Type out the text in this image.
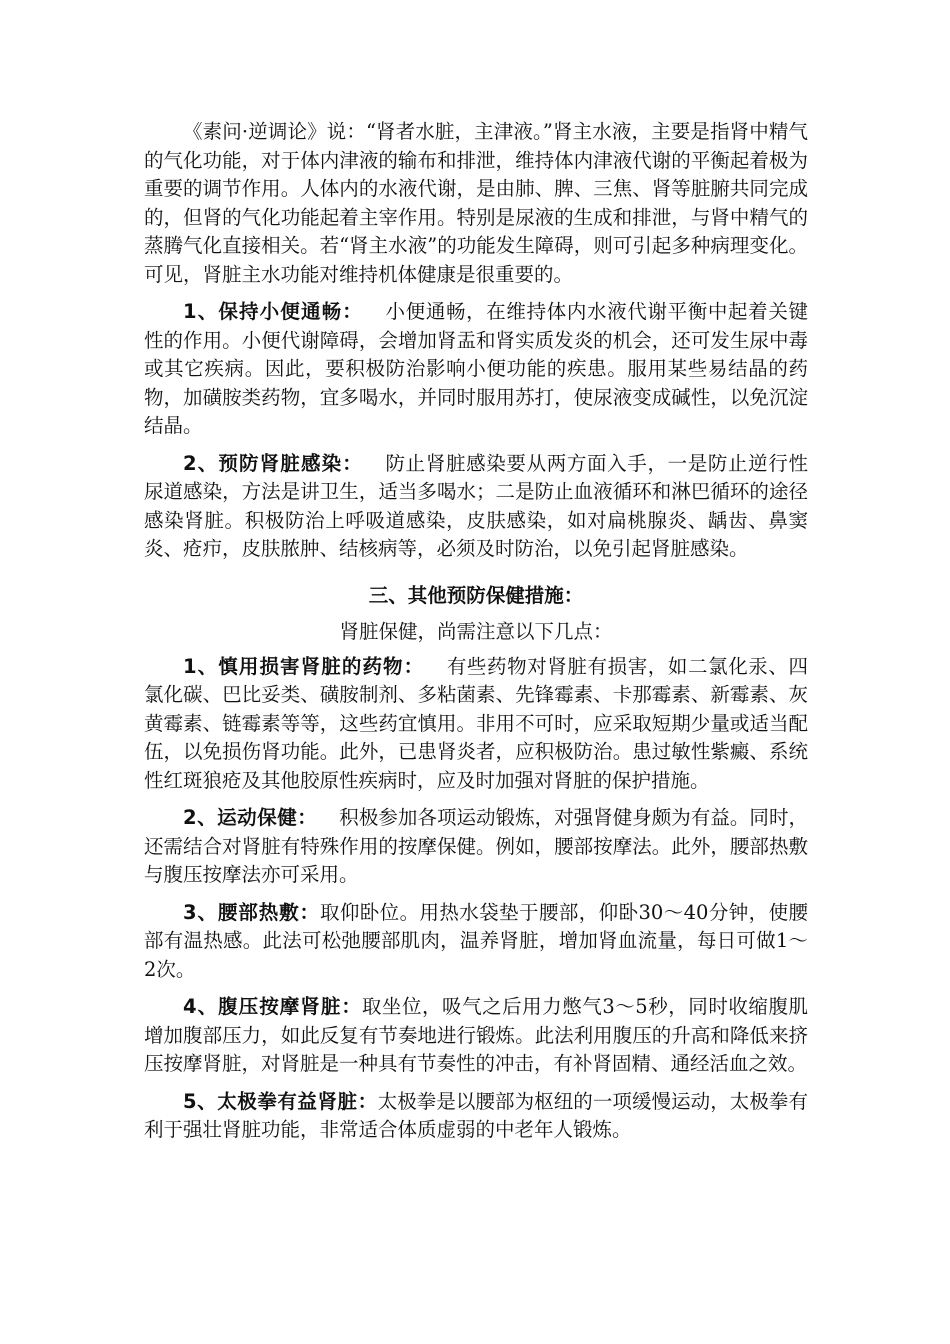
《素问·逆调论》说：“肾者水脏，主津液。”肾主水液，主要是指肾中精气的气化功能，对于体内津液的输布和排泄，维持体内津液代谢的平衡起着极为重要的调节作用。人体内的水液代谢，是由肺、脾、三焦、肾等脏腑共同完成的，但肾的气化功能起着主宰作用。特别是尿液的生成和排泄，与肾中精气的蒸腾气化直接相关。若“肾主水液”的功能发生障碍，则可引起多种病理变化。可见，肾脏主水功能对维持机体健康是很重要的。

1、保持小便通畅： 小便通畅，在维持体内水液代谢平衡中起着关键性的作用。小便代谢障碍，会增加肾盂和肾实质发炎的机会，还可发生尿中毒或其它疾病。因此，要积极防治影响小便功能的疾患。服用某些易结晶的药物，加磺胺类药物，宜多喝水，并同时服用苏打，使尿液变成碱性，以免沉淀结晶。

2、预防肾脏感染： 防止肾脏感染要从两方面入手，一是防止逆行性尿道感染，方法是讲卫生，适当多喝水；二是防止血液循环和淋巴循环的途径感染肾脏。积极防治上呼吸道感染，皮肤感染，如对扁桃腺炎、龋齿、鼻窦炎、疮疖，皮肤脓肿、结核病等，必须及时防治，以免引起肾脏感染。

三、其他预防保健措施：
肾脏保健，尚需注意以下几点：

1、慎用损害肾脏的药物： 有些药物对肾脏有损害，如二氯化汞、四氯化碳、巴比妥类、磺胺制剂、多粘菌素、先锋霉素、卡那霉素、新霉素、灰黄霉素、链霉素等等，这些药宜慎用。非用不可时，应采取短期少量或适当配伍，以免损伤肾功能。此外，已患肾炎者，应积极防治。患过敏性紫癜、系统性红斑狼疮及其他胶原性疾病时，应及时加强对肾脏的保护措施。

2、运动保健： 积极参加各项运动锻炼，对强肾健身颇为有益。同时，还需结合对肾脏有特殊作用的按摩保健。例如，腰部按摩法。此外，腰部热敷与腹压按摩法亦可采用。

3、腰部热敷：取仰卧位。用热水袋垫于腰部，仰卧30～40分钟，使腰部有温热感。此法可松弛腰部肌肉，温养肾脏，增加肾血流量，每日可做1～2次。

4、腹压按摩肾脏：取坐位，吸气之后用力憋气3～5秒，同时收缩腹肌增加腹部压力，如此反复有节奏地进行锻炼。此法利用腹压的升高和降低来挤压按摩肾脏，对肾脏是一种具有节奏性的冲击，有补肾固精、通经活血之效。

5、太极拳有益肾脏：太极拳是以腰部为枢纽的一项缓慢运动，太极拳有利于强壮肾脏功能，非常适合体质虚弱的中老年人锻炼。
